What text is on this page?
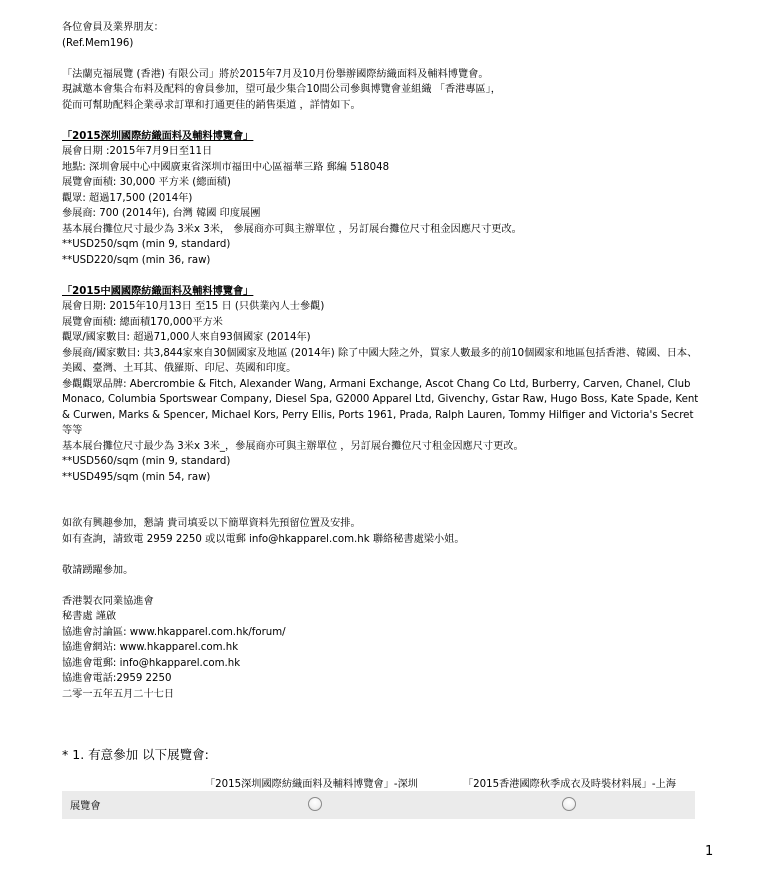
各位會員及業界朋友：
(Ref.Mem196)
「法蘭克福展覽 (香港) 有限公司」將於2015年7月及10月份舉辦國際紡織面料及輔料博覽會。
現誠邀本會集合布料及配料的會員參加，望可最少集合10間公司參與博覽會並組織 「香港專區」，
從而可幫助配料企業尋求訂單和打通更佳的銷售渠道 ，詳情如下。
「2015深圳國際紡織面料及輔料博覽會」
展會日期 :2015年7月9日至11日
地點: 深圳會展中心中國廣東省深圳市福田中心區福華三路 郵編 518048
展覽會面積: 30,000 平方米 (總面積)
觀眾: 超過17,500 (2014年)
參展商: 700 (2014年), 台灣 韓國 印度展團
基本展台攤位尺寸最少為 3米x 3米， 參展商亦可與主辦單位 ，另訂展台攤位尺寸租金因應尺寸更改。
**USD250/sqm (min 9, standard)
**USD220/sqm (min 36, raw)
「2015中國國際紡織面料及輔料博覽會」
展會日期: 2015年10月13日 至15 日 (只供業內人士參觀)
展覽會面積: 總面積170,000平方米
觀眾/國家數目: 超過71,000人來自93個國家 (2014年)
參展商/國家數目: 共3,844家來自30個國家及地區 (2014年) 除了中國大陸之外，買家人數最多的前10個國家和地區包括香港、韓國、日本、美國、臺灣、土耳其、俄羅斯、印尼、英國和印度。
參觀觀眾品牌: Abercrombie & Fitch, Alexander Wang, Armani Exchange, Ascot Chang Co Ltd, Burberry, Carven, Chanel, Club Monaco, Columbia Sportswear Company, Diesel Spa, G2000 Apparel Ltd, Givenchy, Gstar Raw, Hugo Boss, Kate Spade, Kent & Curwen, Marks & Spencer, Michael Kors, Perry Ellis, Ports 1961, Prada, Ralph Lauren, Tommy Hilfiger and Victoria's Secret 等等
基本展台攤位尺寸最少為 3米x 3米_，參展商亦可與主辦單位 ，另訂展台攤位尺寸租金因應尺寸更改。
**USD560/sqm (min 9, standard)
**USD495/sqm (min 54, raw)
如欲有興趣參加，懇請 貴司填妥以下簡單資料先預留位置及安排。
如有查詢，請致電 2959 2250 或以電郵 info@hkapparel.com.hk 聯絡秘書處梁小姐。
敬請踴躍參加。
香港製衣同業協進會
秘書處 謹啟
協進會討論區: www.hkapparel.com.hk/forum/
協進會網站: www.hkapparel.com.hk
協進會電郵: info@hkapparel.com.hk
協進會電話:2959 2250
二零一五年五月二十七日
* 1. 有意參加 以下展覽會:
「2015深圳國際紡織面料及輔料博覽會」-深圳	「2015香港國際秋季成衣及時裝材料展」-上海
展覽會
1
